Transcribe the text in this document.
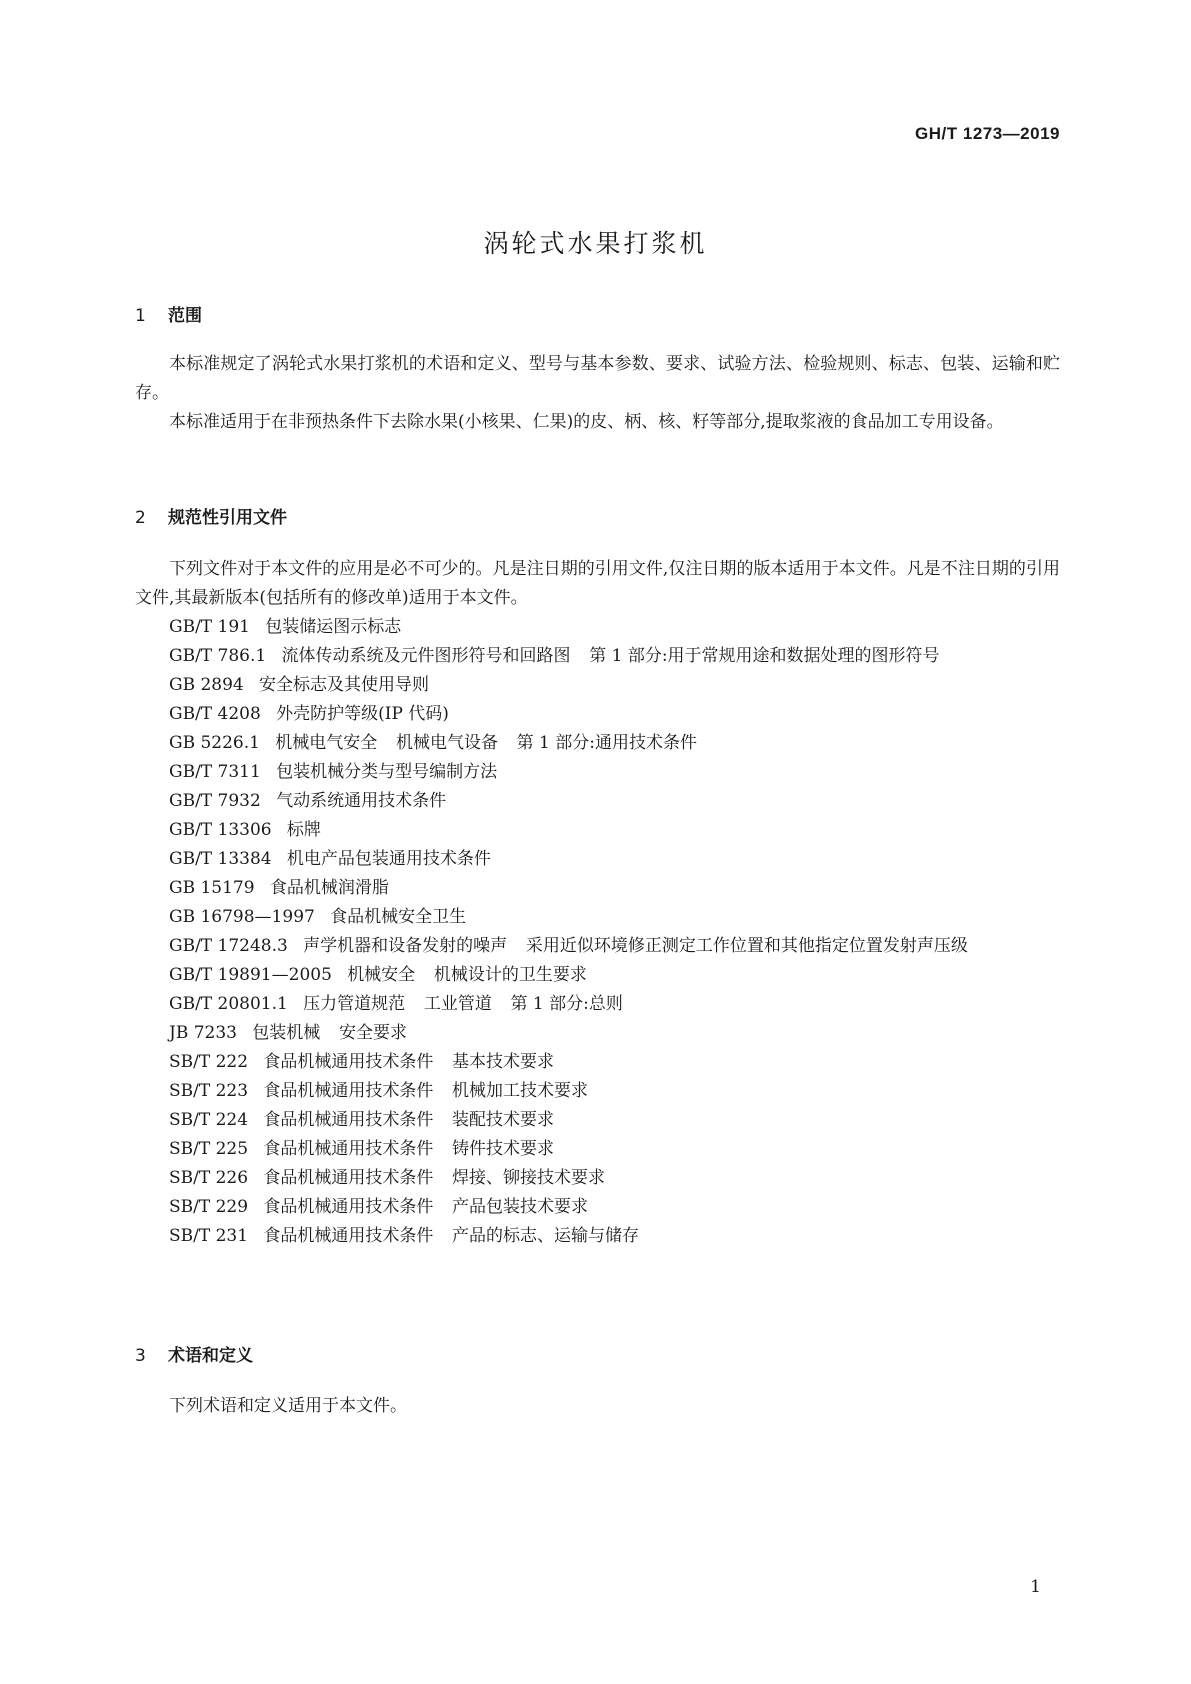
GH/T 1273—2019
涡轮式水果打浆机
1 范围

本标准规定了涡轮式水果打浆机的术语和定义、型号与基本参数、要求、试验方法、检验规则、标志、包装、运输和贮存。

本标准适用于在非预热条件下去除水果(小核果、仁果)的皮、柄、核、籽等部分,提取浆液的食品加工专用设备。

2 规范性引用文件

下列文件对于本文件的应用是必不可少的。凡是注日期的引用文件,仅注日期的版本适用于本文件。凡是不注日期的引用文件,其最新版本(包括所有的修改单)适用于本文件。

GB/T 191 包装储运图示标志

GB/T 786.1 流体传动系统及元件图形符号和回路图 第 1 部分:用于常规用途和数据处理的图形符号

GB 2894 安全标志及其使用导则

GB/T 4208 外壳防护等级(IP 代码)

GB 5226.1 机械电气安全 机械电气设备 第 1 部分:通用技术条件

GB/T 7311 包装机械分类与型号编制方法

GB/T 7932 气动系统通用技术条件

GB/T 13306 标牌

GB/T 13384 机电产品包装通用技术条件

GB 15179 食品机械润滑脂

GB 16798—1997 食品机械安全卫生

GB/T 17248.3 声学机器和设备发射的噪声 采用近似环境修正测定工作位置和其他指定位置发射声压级

GB/T 19891—2005 机械安全 机械设计的卫生要求

GB/T 20801.1 压力管道规范 工业管道 第 1 部分:总则

JB 7233 包装机械 安全要求

SB/T 222 食品机械通用技术条件 基本技术要求

SB/T 223 食品机械通用技术条件 机械加工技术要求

SB/T 224 食品机械通用技术条件 装配技术要求

SB/T 225 食品机械通用技术条件 铸件技术要求

SB/T 226 食品机械通用技术条件 焊接、铆接技术要求

SB/T 229 食品机械通用技术条件 产品包装技术要求

SB/T 231 食品机械通用技术条件 产品的标志、运输与储存

3 术语和定义

下列术语和定义适用于本文件。

1
